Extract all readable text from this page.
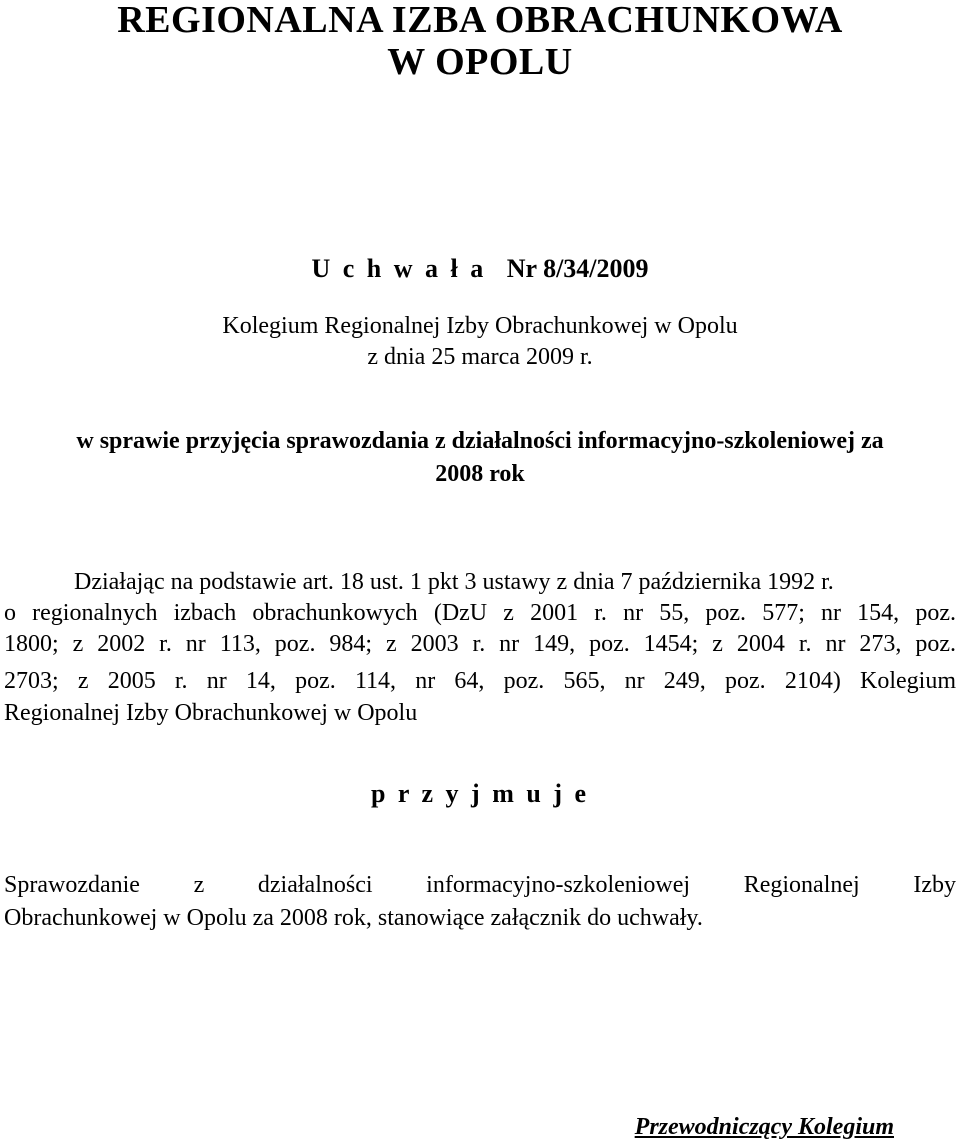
REGIONALNA IZBA OBRACHUNKOWA
W OPOLU
U c h w a ł a Nr 8/34/2009
Kolegium Regionalnej Izby Obrachunkowej w Opolu
z dnia 25 marca 2009 r.
w sprawie przyjęcia sprawozdania z działalności informacyjno-szkoleniowej za
2008 rok
Działając na podstawie art. 18 ust. 1 pkt 3 ustawy z dnia 7 października 1992 r.
o regionalnych izbach obrachunkowych (DzU z 2001 r. nr 55, poz. 577; nr 154, poz.
1800; z 2002 r. nr 113, poz. 984; z 2003 r. nr 149, poz. 1454; z 2004 r. nr 273, poz.
2703; z 2005 r. nr 14, poz. 114, nr 64, poz. 565, nr 249, poz. 2104) Kolegium
Regionalnej Izby Obrachunkowej w Opolu
p r z y j m u j e
Sprawozdanie z działalności informacyjno-szkoleniowej Regionalnej Izby
Obrachunkowej w Opolu za 2008 rok, stanowiące załącznik do uchwały.
Przewodniczący Kolegium
